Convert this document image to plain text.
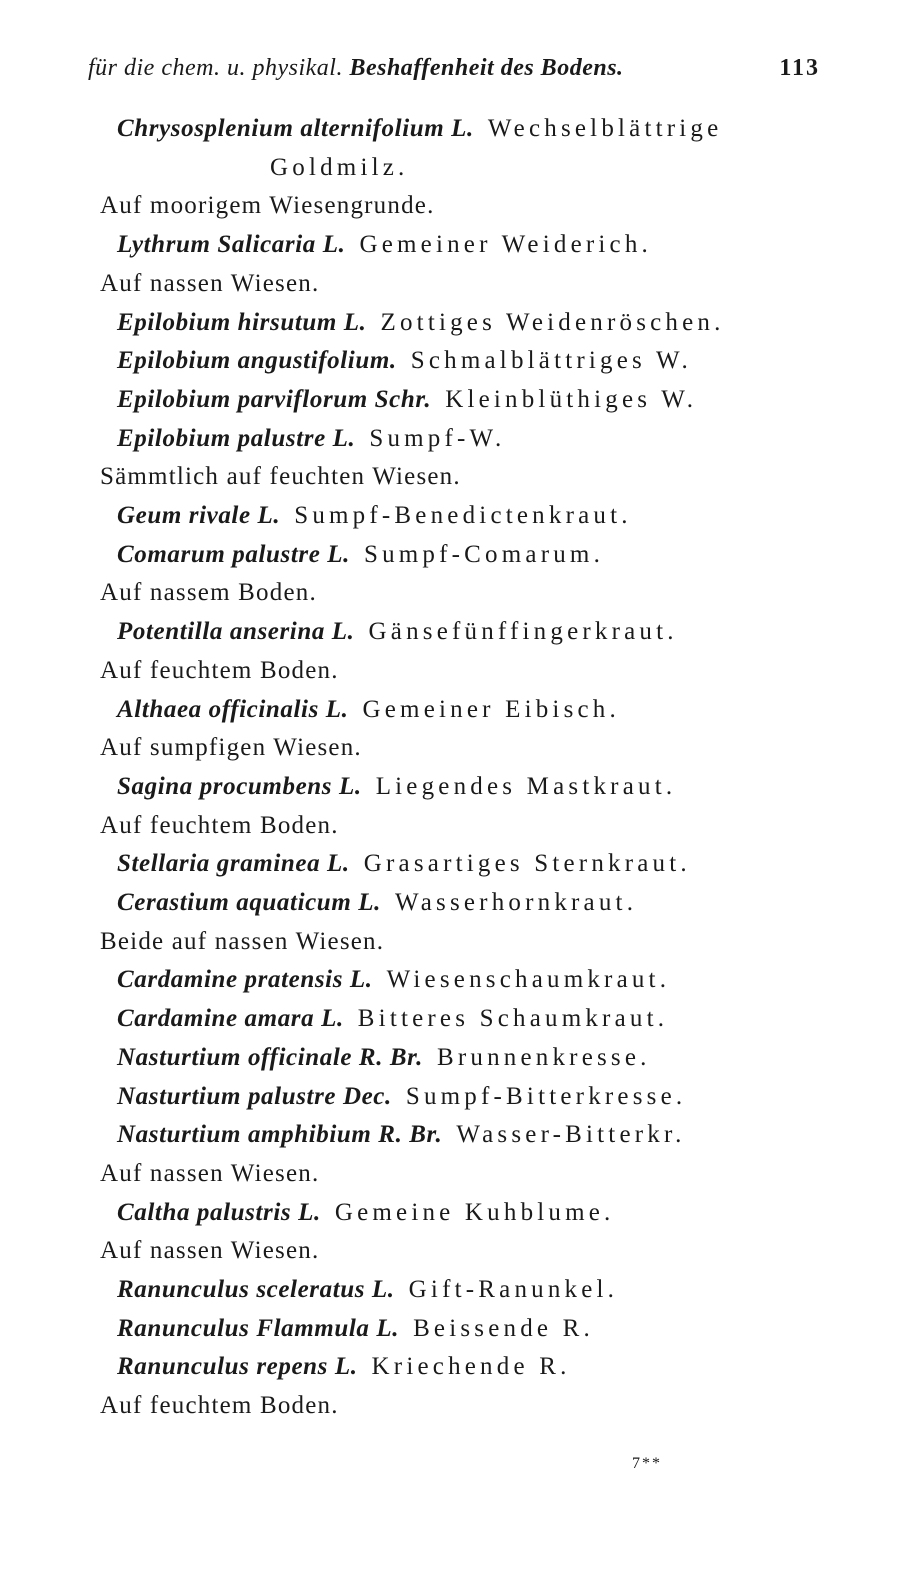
für die chem. u. physikal. Beshaffenheit des Bodens.	113
Chrysosplenium alternifolium L. Wechselblättrige
Goldmilz.
Auf moorigem Wiesengrunde.
Lythrum Salicaria L. Gemeiner Weiderich.
Auf nassen Wiesen.
Epilobium hirsutum L. Zottiges Weidenröschen.
Epilobium angustifolium. Schmalblättriges W.
Epilobium parviflorum Schr. Kleinblüthiges W.
Epilobium palustre L. Sumpf-W.
Sämmtlich auf feuchten Wiesen.
Geum rivale L. Sumpf-Benedictenkraut.
Comarum palustre L. Sumpf-Comarum.
Auf nassem Boden.
Potentilla anserina L. Gänsefünffingerkraut.
Auf feuchtem Boden.
Althaea officinalis L. Gemeiner Eibisch.
Auf sumpfigen Wiesen.
Sagina procumbens L. Liegendes Mastkraut.
Auf feuchtem Boden.
Stellaria graminea L. Grasartiges Sternkraut.
Cerastium aquaticum L. Wasserhornkraut.
Beide auf nassen Wiesen.
Cardamine pratensis L. Wiesenschaumkraut.
Cardamine amara L. Bitteres Schaumkraut.
Nasturtium officinale R. Br. Brunnenkresse.
Nasturtium palustre Dec. Sumpf-Bitterkresse.
Nasturtium amphibium R. Br. Wasser-Bitterkr.
Auf nassen Wiesen.
Caltha palustris L. Gemeine Kuhblume.
Auf nassen Wiesen.
Ranunculus sceleratus L. Gift-Ranunkel.
Ranunculus Flammula L. Beissende R.
Ranunculus repens L. Kriechende R.
Auf feuchtem Boden.
7**
